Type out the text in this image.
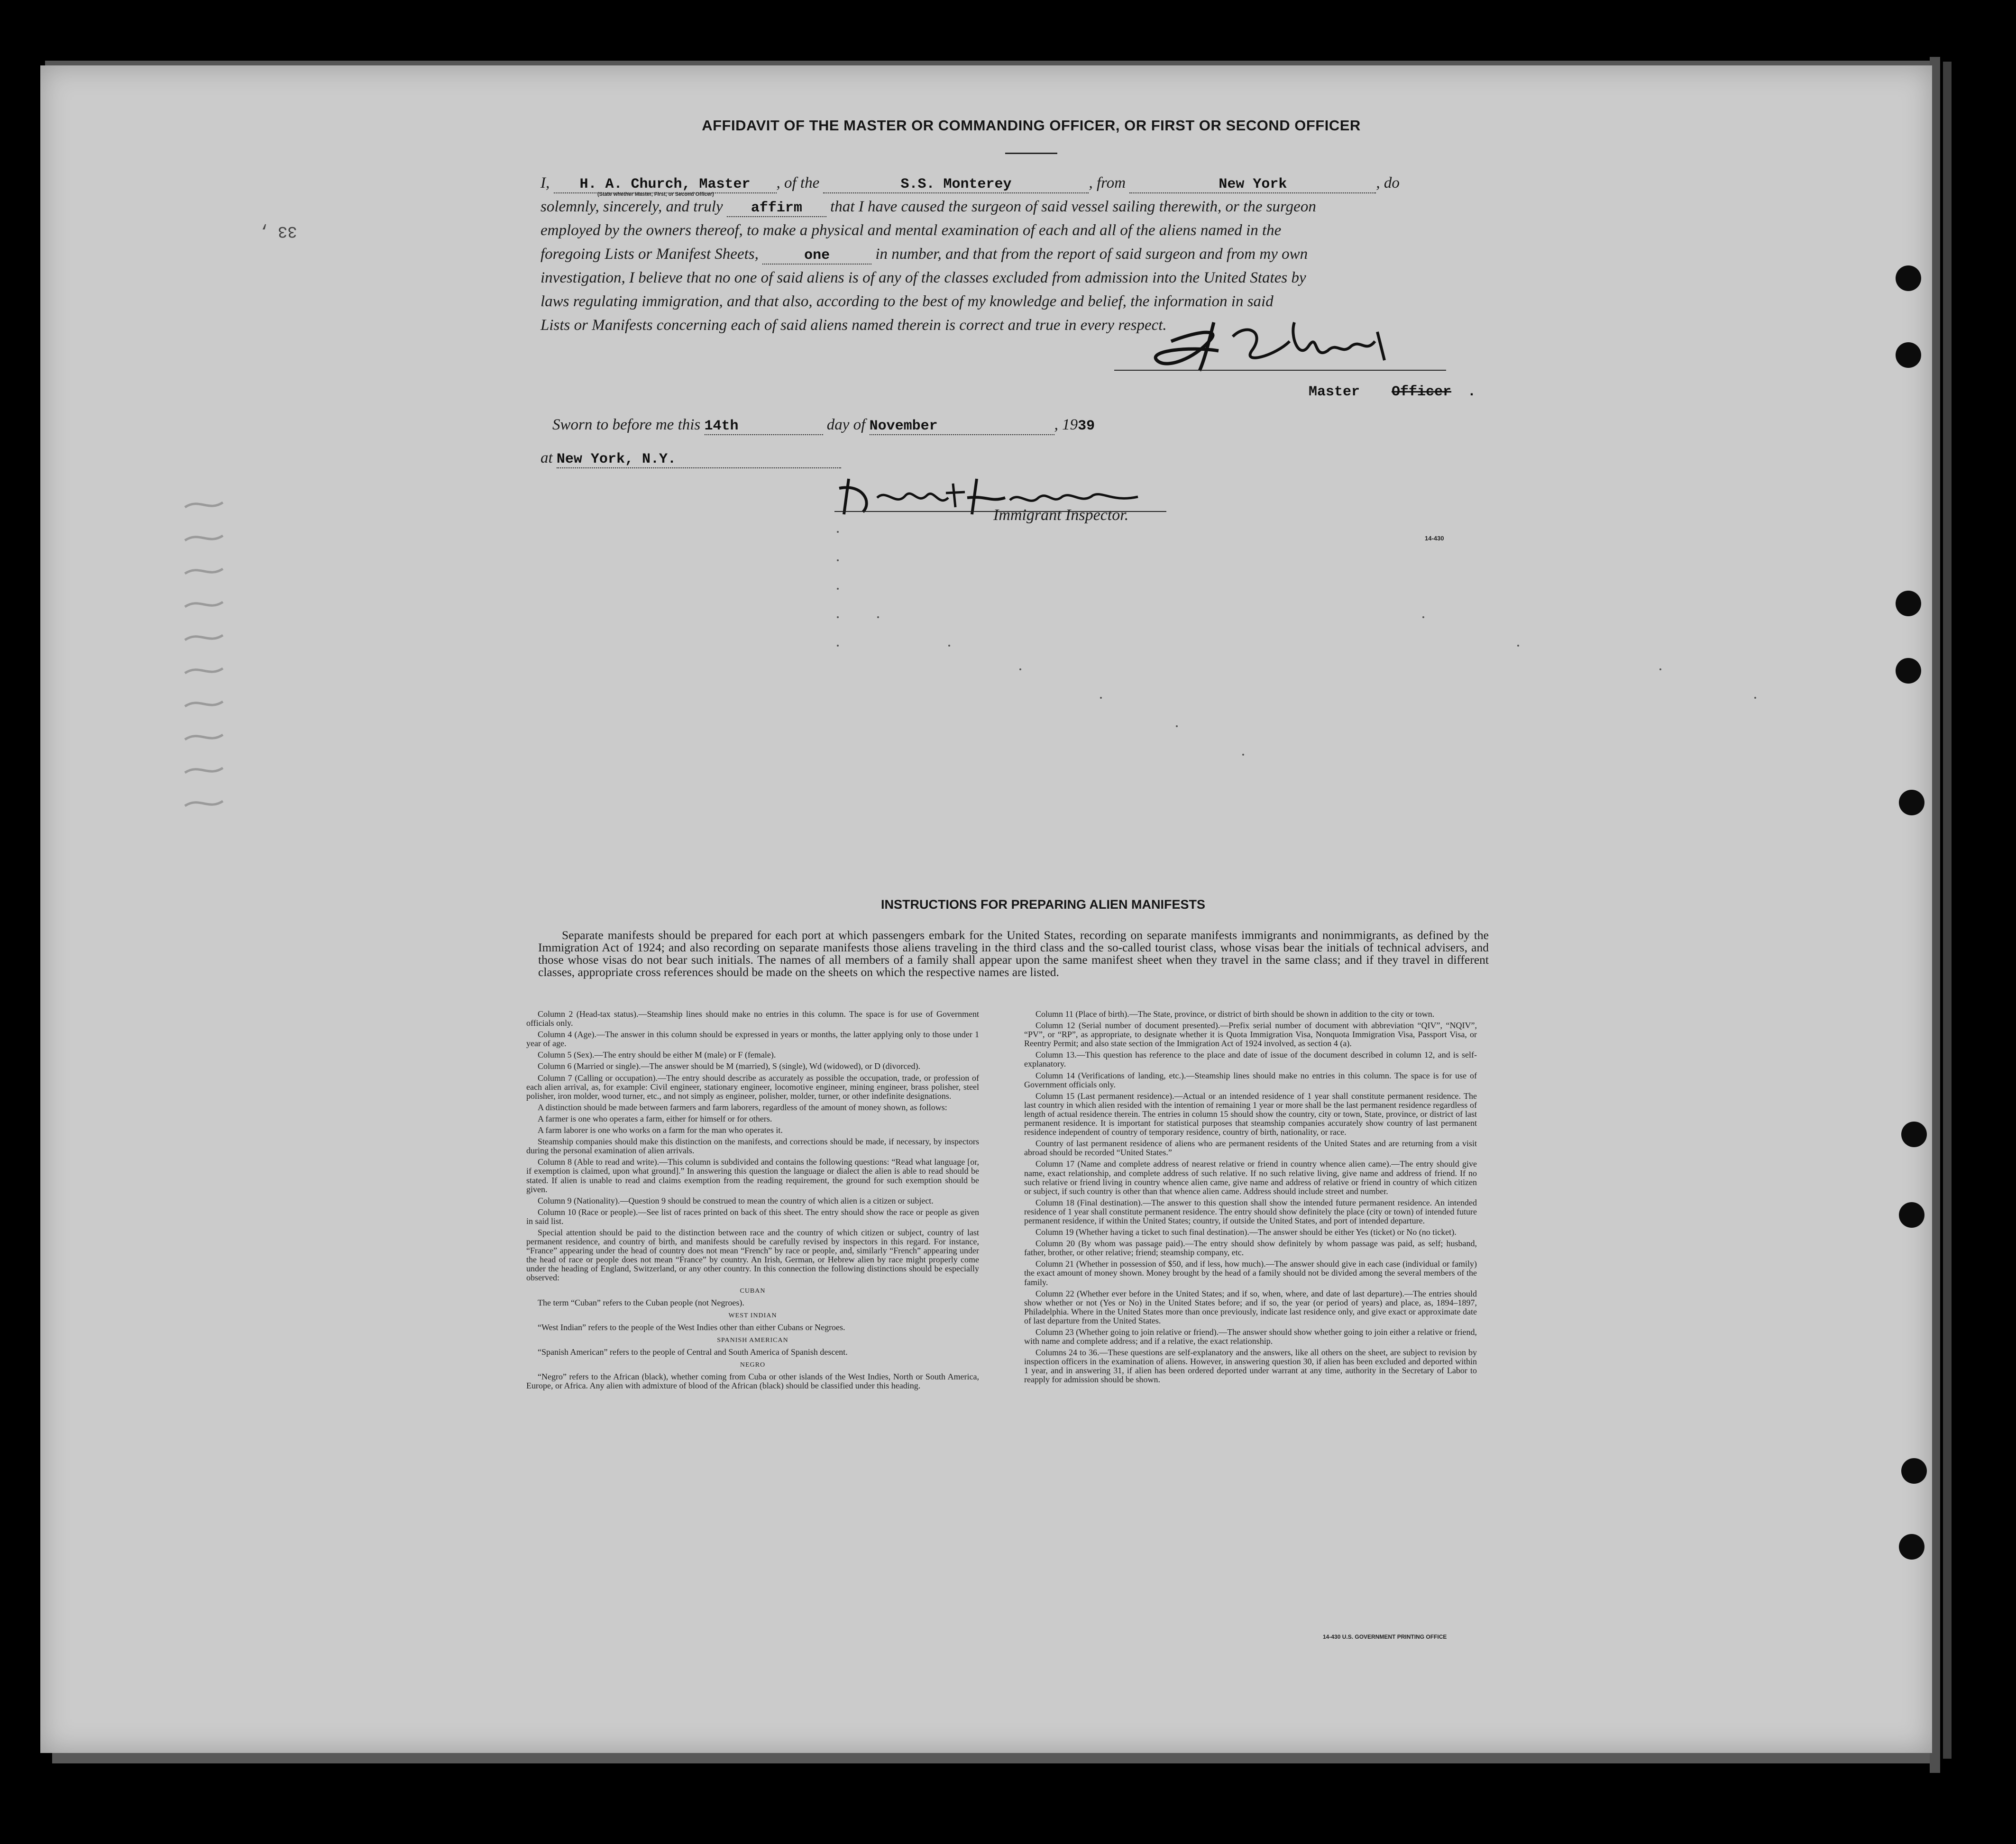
AFFIDAVIT OF THE MASTER OR COMMANDING OFFICER, OR FIRST OR SECOND OFFICER
33 ,
I, H. A. Church, Master , of the	S.S. Monterey	, from	New York	, do
(State whether Master, First, or Second Officer)
solemnly, sincerely, and truly affirm that I have caused the surgeon of said vessel sailing therewith, or the surgeon
employed by the owners thereof, to make a physical and mental examination of each and all of the aliens named in the
foregoing Lists or Manifest Sheets,	one	in number, and that from the report of said surgeon and from my own
investigation, I believe that no one of said aliens is of any of the classes excluded from admission into the United States by
laws regulating immigration, and that also, according to the best of my knowledge and belief, the information in said
Lists or Manifests concerning each of said aliens named therein is correct and true in every respect.
Master Officer .
Sworn to before me this 14th	day of November	, 1939
at New York, N.Y.
Immigrant Inspector.
14-430
INSTRUCTIONS FOR PREPARING ALIEN MANIFESTS
Separate manifests should be prepared for each port at which passengers embark for the United States, recording on separate manifests immigrants and nonimmigrants, as defined by the Immigration Act of 1924; and also recording on separate manifests those aliens traveling in the third class and the so-called tourist class, whose visas bear the initials of technical advisers, and those whose visas do not bear such initials. The names of all members of a family shall appear upon the same manifest sheet when they travel in the same class; and if they travel in different classes, appropriate cross references should be made on the sheets on which the respective names are listed.

Column 2 (Head-tax status).—Steamship lines should make no entries in this column. The space is for use of Government officials only.

Column 4 (Age).—The answer in this column should be expressed in years or months, the latter applying only to those under 1 year of age.

Column 5 (Sex).—The entry should be either M (male) or F (female).

Column 6 (Married or single).—The answer should be M (married), S (single), Wd (widowed), or D (divorced).

Column 7 (Calling or occupation).—The entry should describe as accurately as possible the occupation, trade, or profession of each alien arrival, as, for example: Civil engineer, stationary engineer, locomotive engineer, mining engineer, brass polisher, steel polisher, iron molder, wood turner, etc., and not simply as engineer, polisher, molder, turner, or other indefinite designations.

A distinction should be made between farmers and farm laborers, regardless of the amount of money shown, as follows:

A farmer is one who operates a farm, either for himself or for others.

A farm laborer is one who works on a farm for the man who operates it.

Steamship companies should make this distinction on the manifests, and corrections should be made, if necessary, by inspectors during the personal examination of alien arrivals.

Column 8 (Able to read and write).—This column is subdivided and contains the following questions: “Read what language [or, if exemption is claimed, upon what ground].” In answering this question the language or dialect the alien is able to read should be stated. If alien is unable to read and claims exemption from the reading requirement, the ground for such exemption should be given.

Column 9 (Nationality).—Question 9 should be construed to mean the country of which alien is a citizen or subject.

Column 10 (Race or people).—See list of races printed on back of this sheet. The entry should show the race or people as given in said list.

Special attention should be paid to the distinction between race and the country of which citizen or subject, country of last permanent residence, and country of birth, and manifests should be carefully revised by inspectors in this regard. For instance, “France” appearing under the head of country does not mean “French” by race or people, and, similarly “French” appearing under the head of race or people does not mean “France” by country. An Irish, German, or Hebrew alien by race might properly come under the heading of England, Switzerland, or any other country. In this connection the following distinctions should be especially observed:

CUBAN

The term “Cuban” refers to the Cuban people (not Negroes).

WEST INDIAN

“West Indian” refers to the people of the West Indies other than either Cubans or Negroes.

SPANISH AMERICAN

“Spanish American” refers to the people of Central and South America of Spanish descent.

NEGRO

“Negro” refers to the African (black), whether coming from Cuba or other islands of the West Indies, North or South America, Europe, or Africa. Any alien with admixture of blood of the African (black) should be classified under this heading.

Column 11 (Place of birth).—The State, province, or district of birth should be shown in addition to the city or town.

Column 12 (Serial number of document presented).—Prefix serial number of document with abbreviation “QIV”, “NQIV”, “PV”, or “RP”, as appropriate, to designate whether it is Quota Immigration Visa, Nonquota Immigration Visa, Passport Visa, or Reentry Permit; and also state section of the Immigration Act of 1924 involved, as section 4 (a).

Column 13.—This question has reference to the place and date of issue of the document described in column 12, and is self-explanatory.

Column 14 (Verifications of landing, etc.).—Steamship lines should make no entries in this column. The space is for use of Government officials only.

Column 15 (Last permanent residence).—Actual or an intended residence of 1 year shall constitute permanent residence. The last country in which alien resided with the intention of remaining 1 year or more shall be the last permanent residence regardless of length of actual residence therein. The entries in column 15 should show the country, city or town, State, province, or district of last permanent residence. It is important for statistical purposes that steamship companies accurately show country of last permanent residence independent of country of temporary residence, country of birth, nationality, or race.

Country of last permanent residence of aliens who are permanent residents of the United States and are returning from a visit abroad should be recorded “United States.”

Column 17 (Name and complete address of nearest relative or friend in country whence alien came).—The entry should give name, exact relationship, and complete address of such relative. If no such relative living, give name and address of friend. If no such relative or friend living in country whence alien came, give name and address of relative or friend in country of which citizen or subject, if such country is other than that whence alien came. Address should include street and number.

Column 18 (Final destination).—The answer to this question shall show the intended future permanent residence. An intended residence of 1 year shall constitute permanent residence. The entry should show definitely the place (city or town) of intended future permanent residence, if within the United States; country, if outside the United States, and port of intended departure.

Column 19 (Whether having a ticket to such final destination).—The answer should be either Yes (ticket) or No (no ticket).

Column 20 (By whom was passage paid).—The entry should show definitely by whom passage was paid, as self; husband, father, brother, or other relative; friend; steamship company, etc.

Column 21 (Whether in possession of $50, and if less, how much).—The answer should give in each case (individual or family) the exact amount of money shown. Money brought by the head of a family should not be divided among the several members of the family.

Column 22 (Whether ever before in the United States; and if so, when, where, and date of last departure).—The entries should show whether or not (Yes or No) in the United States before; and if so, the year (or period of years) and place, as, 1894–1897, Philadelphia. Where in the United States more than once previously, indicate last residence only, and give exact or approximate date of last departure from the United States.

Column 23 (Whether going to join relative or friend).—The answer should show whether going to join either a relative or friend, with name and complete address; and if a relative, the exact relationship.

Columns 24 to 36.—These questions are self-explanatory and the answers, like all others on the sheet, are subject to revision by inspection officers in the examination of aliens. However, in answering question 30, if alien has been excluded and deported within 1 year, and in answering 31, if alien has been ordered deported under warrant at any time, authority in the Secretary of Labor to reapply for admission should be shown.

14-430 U.S. GOVERNMENT PRINTING OFFICE
